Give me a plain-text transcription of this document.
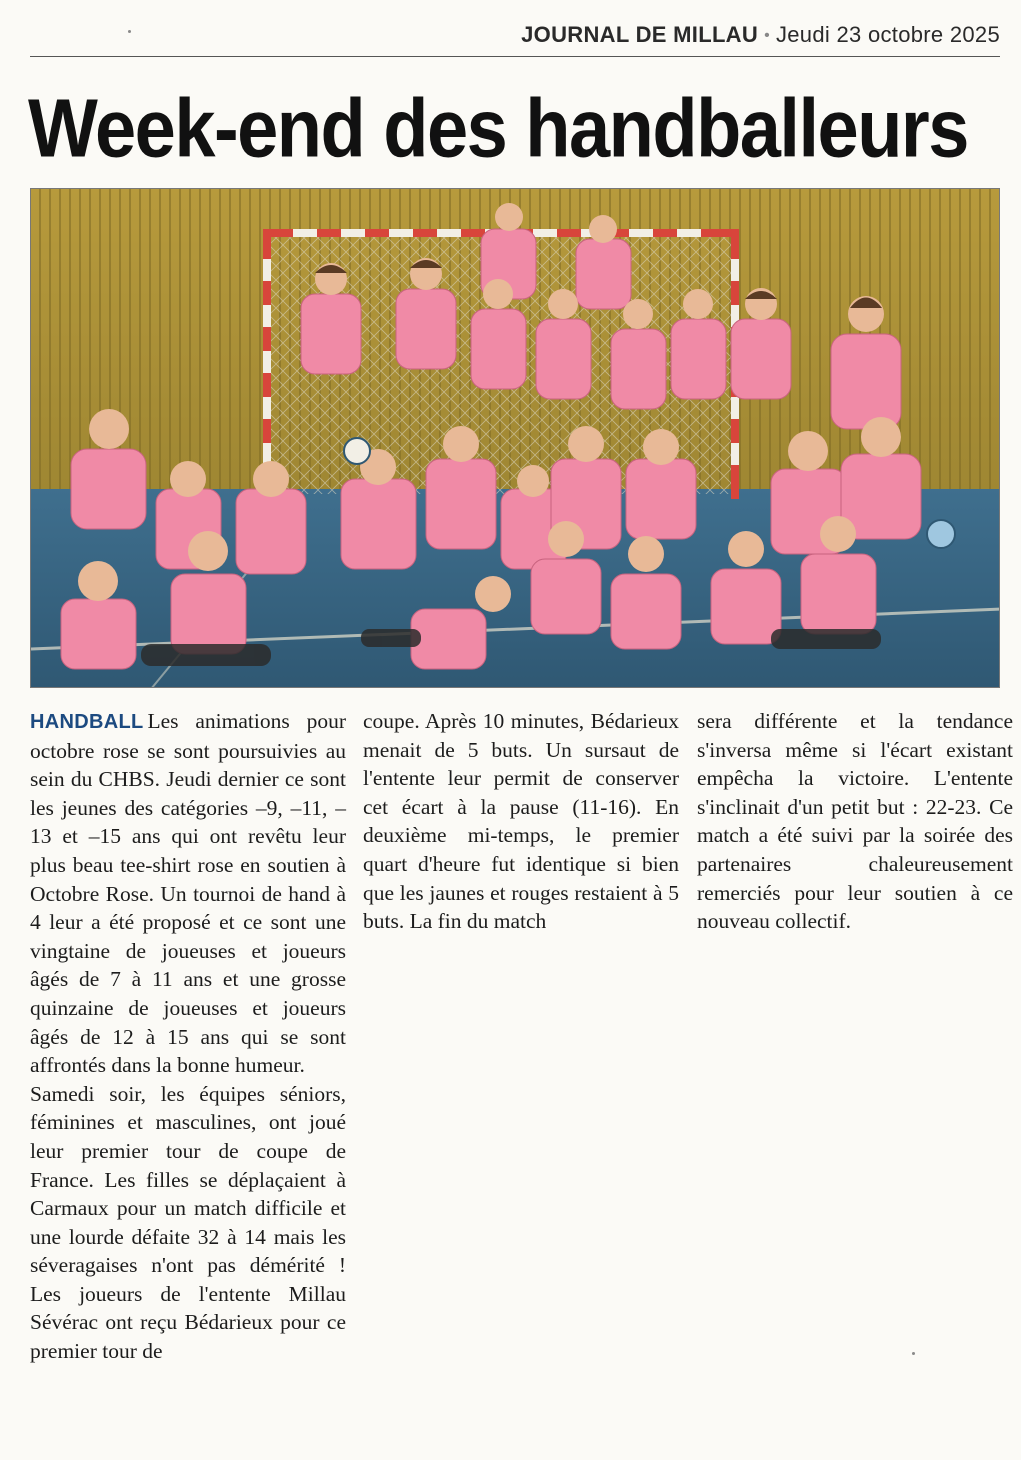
JOURNAL DE MILLAU • Jeudi 23 octobre 2025
Week-end des handballeurs

HANDBALL Les animations pour octobre rose se sont poursuivies au sein du CHBS. Jeudi dernier ce sont les jeunes des catégories –9, –11, –13 et –15 ans qui ont revêtu leur plus beau tee-shirt rose en soutien à Octobre Rose. Un tournoi de hand à 4 leur a été proposé et ce sont une vingtaine de joueuses et joueurs âgés de 7 à 11 ans et une grosse quinzaine de joueuses et joueurs âgés de 12 à 15 ans qui se sont affrontés dans la bonne humeur.

Samedi soir, les équipes séniors, féminines et masculines, ont joué leur premier tour de coupe de France. Les filles se déplaçaient à Carmaux pour un match difficile et une lourde défaite 32 à 14 mais les séveragaises n'ont pas démérité ! Les joueurs de l'entente Millau Sévérac ont reçu Bédarieux pour ce premier tour de

coupe. Après 10 minutes, Bédarieux menait de 5 buts. Un sursaut de l'entente leur permit de conserver cet écart à la pause (11-16). En deuxième mi-temps, le premier quart d'heure fut identique si bien que les jaunes et rouges restaient à 5 buts. La fin du match

sera différente et la tendance s'inversa même si l'écart existant empêcha la victoire. L'entente s'inclinait d'un petit but : 22-23. Ce match a été suivi par la soirée des partenaires chaleureusement remerciés pour leur soutien à ce nouveau collectif.
